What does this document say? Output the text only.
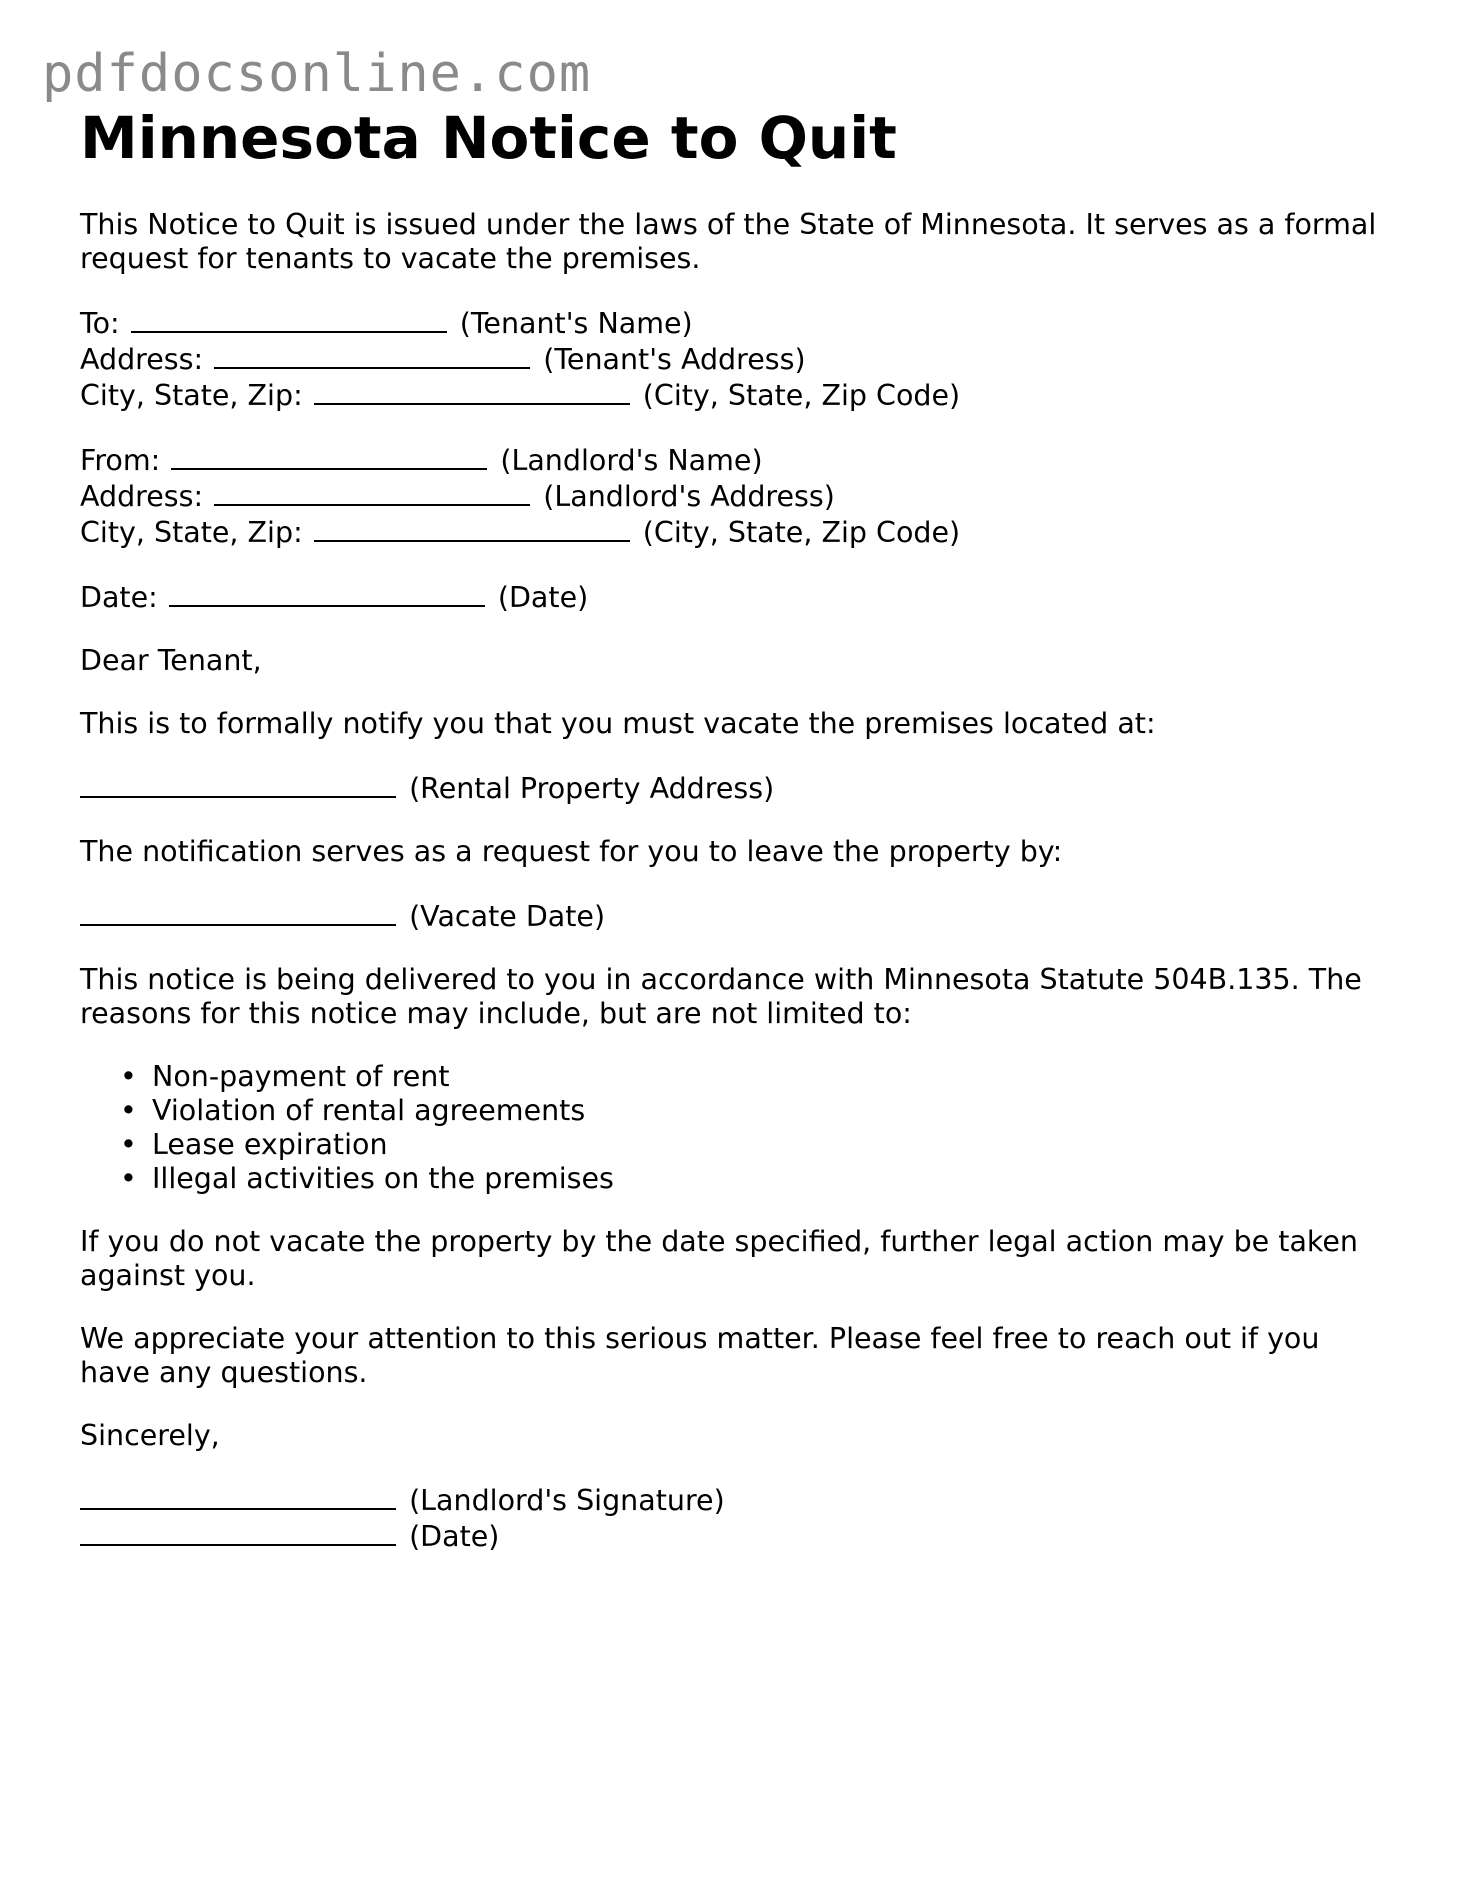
pdfdocsonline.com
Minnesota Notice to Quit

This Notice to Quit is issued under the laws of the State of Minnesota. It serves as a formal request for tenants to vacate the premises.

To:	(Tenant's Name)
Address:	(Tenant's Address)
City, State, Zip:	(City, State, Zip Code)
From:	(Landlord's Name)
Address:	(Landlord's Address)
City, State, Zip:	(City, State, Zip Code)
Date:	(Date)

Dear Tenant,

This is to formally notify you that you must vacate the premises located at:

(Rental Property Address)

The notification serves as a request for you to leave the property by:

(Vacate Date)

This notice is being delivered to you in accordance with Minnesota Statute 504B.135. The reasons for this notice may include, but are not limited to:

• Non-payment of rent
• Violation of rental agreements
• Lease expiration
• Illegal activities on the premises

If you do not vacate the property by the date specified, further legal action may be taken against you.

We appreciate your attention to this serious matter. Please feel free to reach out if you have any questions.

Sincerely,

(Landlord's Signature)
(Date)
